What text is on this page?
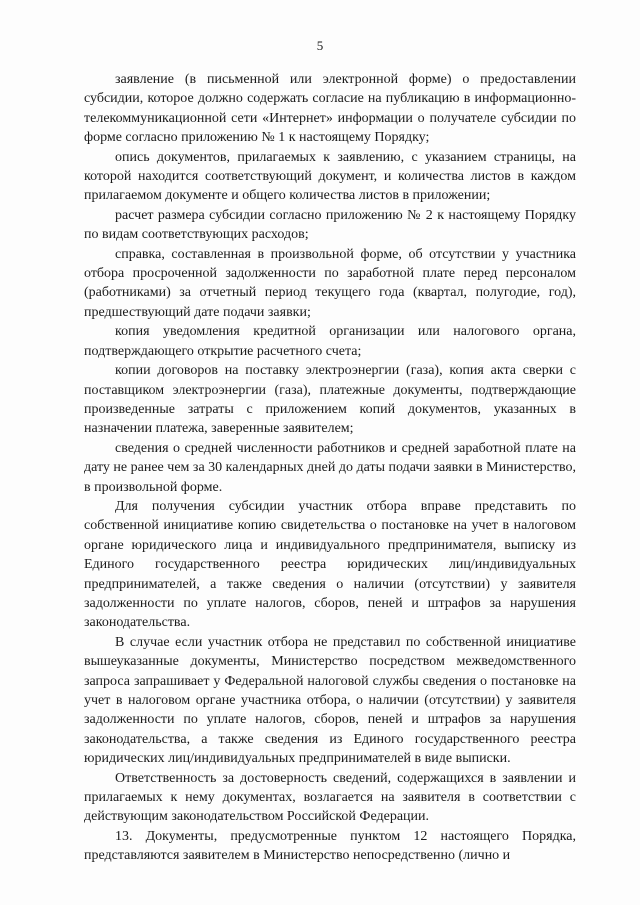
5

заявление (в письменной или электронной форме) о предоставлении субсидии, которое должно содержать согласие на публикацию в информационно-телекоммуникационной сети «Интернет» информации о получателе субсидии по форме согласно приложению № 1 к настоящему Порядку;

опись документов, прилагаемых к заявлению, с указанием страницы, на которой находится соответствующий документ, и количества листов в каждом прилагаемом документе и общего количества листов в приложении;

расчет размера субсидии согласно приложению № 2 к настоящему Порядку по видам соответствующих расходов;

справка, составленная в произвольной форме, об отсутствии у участника отбора просроченной задолженности по заработной плате перед персоналом (работниками) за отчетный период текущего года (квартал, полугодие, год), предшествующий дате подачи заявки;

копия уведомления кредитной организации или налогового органа, подтверждающего открытие расчетного счета;

копии договоров на поставку электроэнергии (газа), копия акта сверки с поставщиком электроэнергии (газа), платежные документы, подтверждающие произведенные затраты с приложением копий документов, указанных в назначении платежа, заверенные заявителем;

сведения о средней численности работников и средней заработной плате на дату не ранее чем за 30 календарных дней до даты подачи заявки в Министерство, в произвольной форме.

Для получения субсидии участник отбора вправе представить по собственной инициативе копию свидетельства о постановке на учет в налоговом органе юридического лица и индивидуального предпринимателя, выписку из Единого государственного реестра юридических лиц/индивидуальных предпринимателей, а также сведения о наличии (отсутствии) у заявителя задолженности по уплате налогов, сборов, пеней и штрафов за нарушения законодательства.

В случае если участник отбора не представил по собственной инициативе вышеуказанные документы, Министерство посредством межведомственного запроса запрашивает у Федеральной налоговой службы сведения о постановке на учет в налоговом органе участника отбора, о наличии (отсутствии) у заявителя задолженности по уплате налогов, сборов, пеней и штрафов за нарушения законодательства, а также сведения из Единого государственного реестра юридических лиц/индивидуальных предпринимателей в виде выписки.

Ответственность за достоверность сведений, содержащихся в заявлении и прилагаемых к нему документах, возлагается на заявителя в соответствии с действующим законодательством Российской Федерации.

13. Документы, предусмотренные пунктом 12 настоящего Порядка, представляются заявителем в Министерство непосредственно (лично и
